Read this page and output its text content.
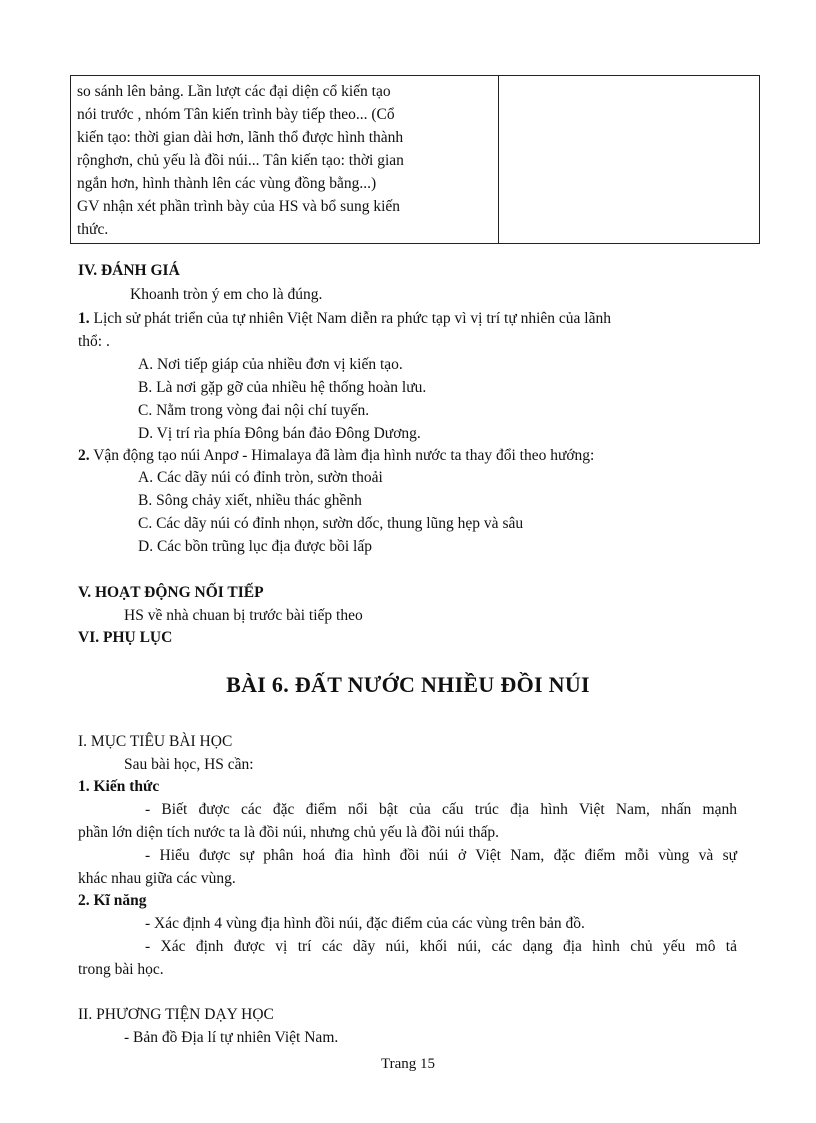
so sánh lên bảng. Lần lượt các đại diện cổ kiến tạo
nói trước , nhóm Tân kiến trình bày tiếp theo... (Cổ
kiến tạo: thời gian dài hơn, lãnh thổ được hình thành
rộnghơn, chủ yếu là đồi núi... Tân kiến tạo: thời gian
ngắn hơn, hình thành lên các vùng đồng bằng...)
GV nhận xét phần trình bày của HS và bổ sung kiến
thức.

IV. ĐÁNH GIÁ
Khoanh tròn ý em cho là đúng.
1. Lịch sử phát triển của tự nhiên Việt Nam diễn ra phức tạp vì vị trí tự nhiên của lãnh
thổ: .
A. Nơi tiếp giáp của nhiều đơn vị kiến tạo.
B. Là nơi gặp gỡ của nhiều hệ thống hoàn lưu.
C. Nằm trong vòng đai nội chí tuyến.
D. Vị trí rìa phía Đông bán đảo Đông Dương.
2. Vận động tạo núi Anpơ - Himalaya đã làm địa hình nước ta thay đổi theo hướng:
A. Các dãy núi có đỉnh tròn, sườn thoải
B. Sông chảy xiết, nhiều thác ghềnh
C. Các dãy núi có đỉnh nhọn, sườn dốc, thung lũng hẹp và sâu
D. Các bồn trũng lục địa được bồi lấp
V. HOẠT ĐỘNG NỐI TIẾP
HS về nhà chuan bị trước bài tiếp theo
VI. PHỤ LỤC
BÀI 6. ĐẤT NƯỚC NHIỀU ĐỒI NÚI
I. MỤC TIÊU BÀI HỌC
Sau bài học, HS cần:
1. Kiến thức
- Biết được các đặc điểm nổi bật của cấu trúc địa hình Việt Nam, nhấn mạnh
phần lớn diện tích nước ta là đồi núi, nhưng chủ yếu là đồi núi thấp.
- Hiểu được sự phân hoá đia hình đồi núi ở Việt Nam, đặc điểm mỗi vùng và sự
khác nhau giữa các vùng.
2. Kĩ năng
- Xác định 4 vùng địa hình đồi núi, đặc điểm của các vùng trên bản đồ.
- Xác định được vị trí các dãy núi, khối núi, các dạng địa hình chủ yếu mô tả
trong bài học.
II. PHƯƠNG TIỆN DẠY HỌC
- Bản đồ Địa lí tự nhiên Việt Nam.
Trang 15
